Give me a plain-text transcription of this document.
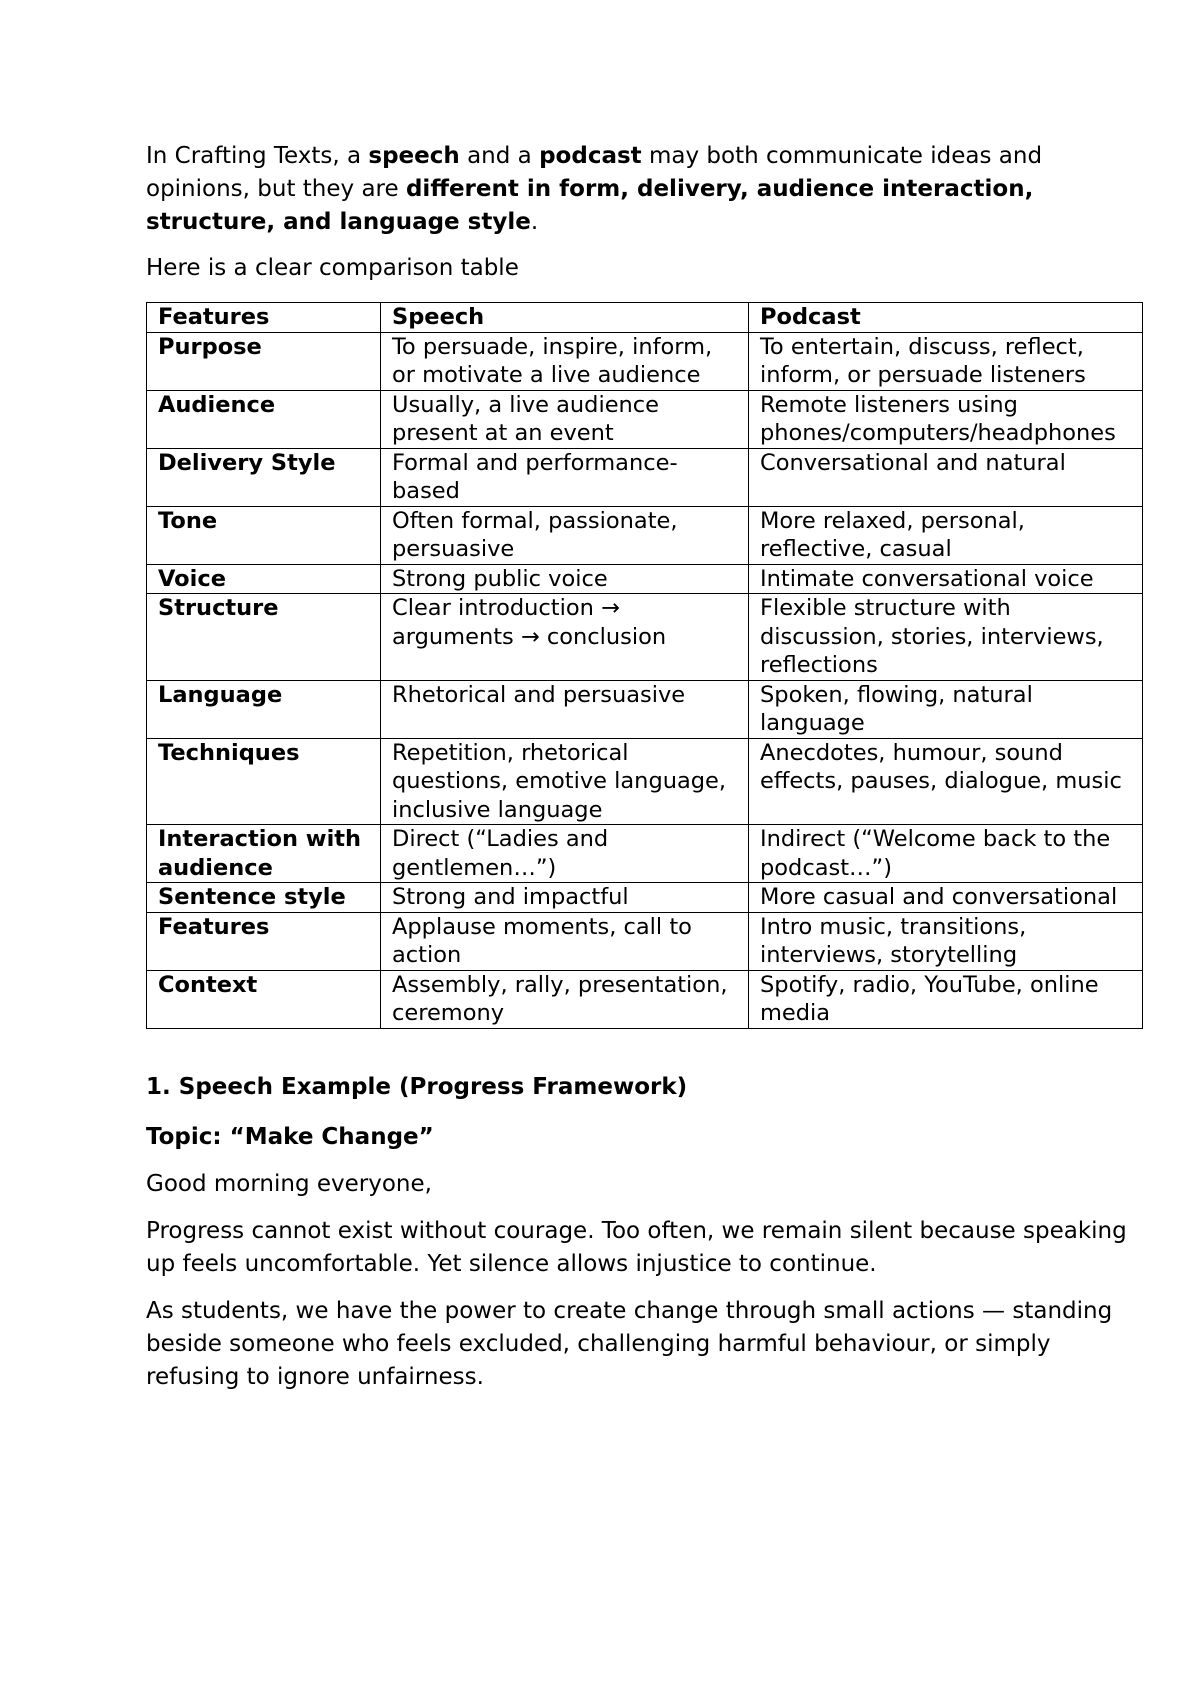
In Crafting Texts, a speech and a podcast may both communicate ideas and opinions, but they are different in form, delivery, audience interaction, structure, and language style.

Here is a clear comparison table

Features	Speech	Podcast
Purpose	To persuade, inspire, inform, or motivate a live audience	To entertain, discuss, reflect, inform, or persuade listeners
Audience	Usually, a live audience present at an event	Remote listeners using phones/computers/headphones
Delivery Style	Formal and performance-based	Conversational and natural
Tone	Often formal, passionate, persuasive	More relaxed, personal, reflective, casual
Voice	Strong public voice	Intimate conversational voice
Structure	Clear introduction → arguments → conclusion	Flexible structure with discussion, stories, interviews, reflections
Language	Rhetorical and persuasive	Spoken, flowing, natural language
Techniques	Repetition, rhetorical questions, emotive language, inclusive language	Anecdotes, humour, sound effects, pauses, dialogue, music
Interaction with audience	Direct (“Ladies and gentlemen…”)	Indirect (“Welcome back to the podcast…”)
Sentence style	Strong and impactful	More casual and conversational
Features	Applause moments, call to action	Intro music, transitions, interviews, storytelling
Context	Assembly, rally, presentation, ceremony	Spotify, radio, YouTube, online media

1. Speech Example (Progress Framework)

Topic: “Make Change”

Good morning everyone,

Progress cannot exist without courage. Too often, we remain silent because speaking up feels uncomfortable. Yet silence allows injustice to continue.

As students, we have the power to create change through small actions — standing beside someone who feels excluded, challenging harmful behaviour, or simply refusing to ignore unfairness.
